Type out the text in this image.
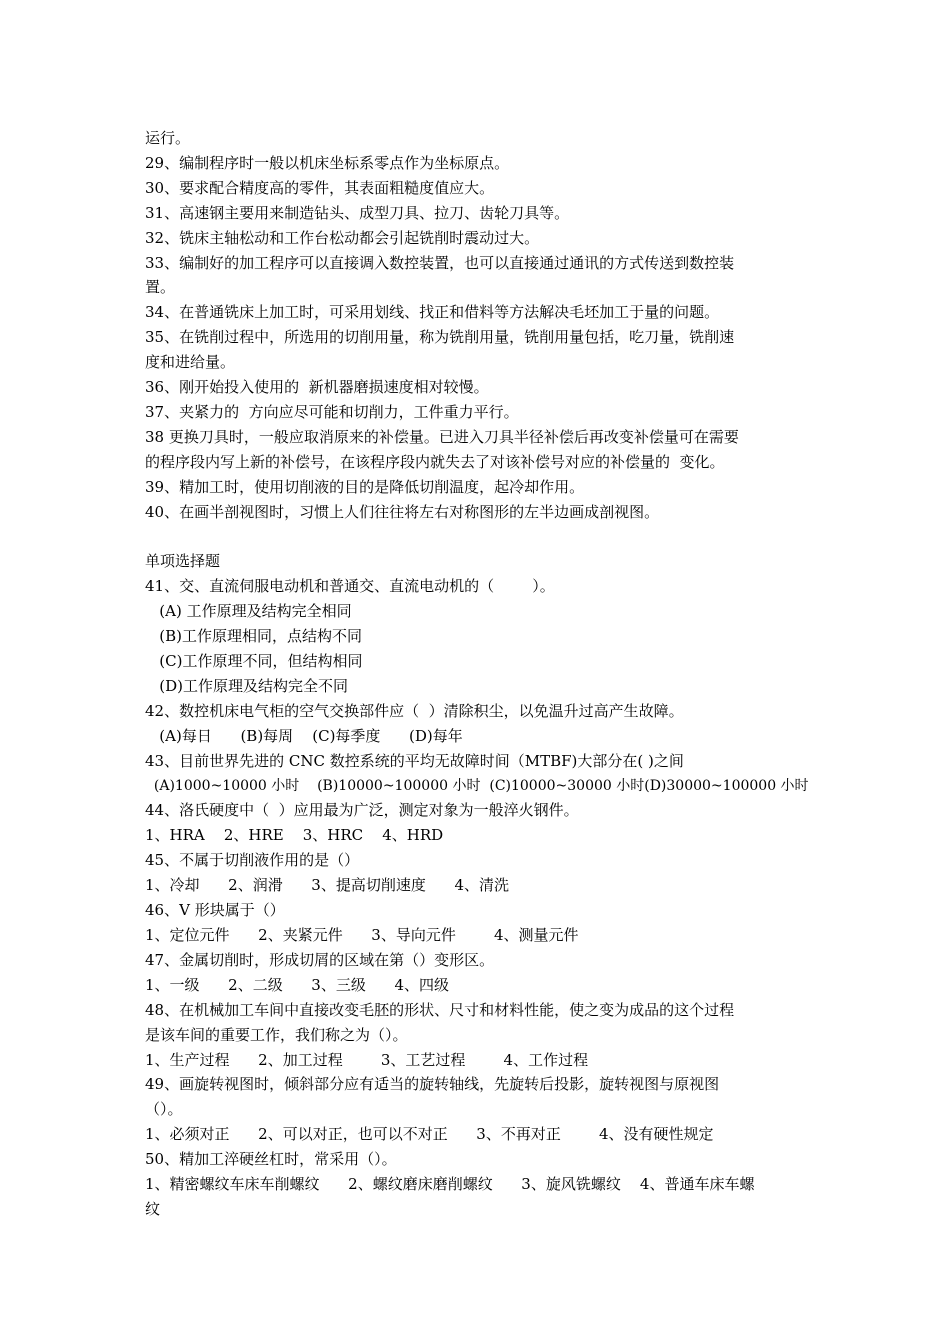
运行。
29、编制程序时一般以机床坐标系零点作为坐标原点。
30、要求配合精度高的零件，其表面粗糙度值应大。
31、高速钢主要用来制造钻头、成型刀具、拉刀、齿轮刀具等。
32、铣床主轴松动和工作台松动都会引起铣削时震动过大。
33、编制好的加工程序可以直接调入数控装置，也可以直接通过通讯的方式传送到数控装
置。
34、在普通铣床上加工时，可采用划线、找正和借料等方法解决毛坯加工于量的问题。
35、在铣削过程中，所选用的切削用量，称为铣削用量，铣削用量包括，吃刀量，铣削速
度和进给量。
36、刚开始投入使用的  新机器磨损速度相对较慢。
37、夹紧力的  方向应尽可能和切削力，工件重力平行。
38 更换刀具时，一般应取消原来的补偿量。已进入刀具半径补偿后再改变补偿量可在需要
的程序段内写上新的补偿号，在该程序段内就失去了对该补偿号对应的补偿量的  变化。
39、精加工时，使用切削液的目的是降低切削温度，起冷却作用。
40、在画半剖视图时，习惯上人们往往将左右对称图形的左半边画成剖视图。
单项选择题
41、交、直流伺服电动机和普通交、直流电动机的（        ）。
(A) 工作原理及结构完全相同
(B)工作原理相同，点结构不同
(C)工作原理不同，但结构相同
(D)工作原理及结构完全不同
42、数控机床电气柜的空气交换部件应（  ）清除积尘，以免温升过高产生故障。
(A)每日      (B)每周    (C)每季度      (D)每年
43、目前世界先进的 CNC 数控系统的平均无故障时间（MTBF)大部分在( )之间
(A)1000~10000 小时    (B)10000~100000 小时  (C)10000~30000 小时(D)30000~100000 小时
44、洛氏硬度中（  ）应用最为广泛，测定对象为一般淬火钢件。
1、HRA    2、HRE    3、HRC    4、HRD
45、不属于切削液作用的是（）
1、冷却      2、润滑      3、提高切削速度      4、清洗
46、V 形块属于（）
1、定位元件      2、夹紧元件      3、导向元件        4、测量元件
47、金属切削时，形成切屑的区域在第（）变形区。
1、一级      2、二级      3、三级      4、四级
48、在机械加工车间中直接改变毛胚的形状、尺寸和材料性能，使之变为成品的这个过程
是该车间的重要工作，我们称之为（）。
1、生产过程      2、加工过程        3、工艺过程        4、工作过程
49、画旋转视图时，倾斜部分应有适当的旋转轴线，先旋转后投影，旋转视图与原视图
（）。
1、必须对正      2、可以对正，也可以不对正      3、不再对正        4、没有硬性规定
50、精加工淬硬丝杠时，常采用（）。
1、精密螺纹车床车削螺纹      2、螺纹磨床磨削螺纹      3、旋风铣螺纹    4、普通车床车螺
纹
